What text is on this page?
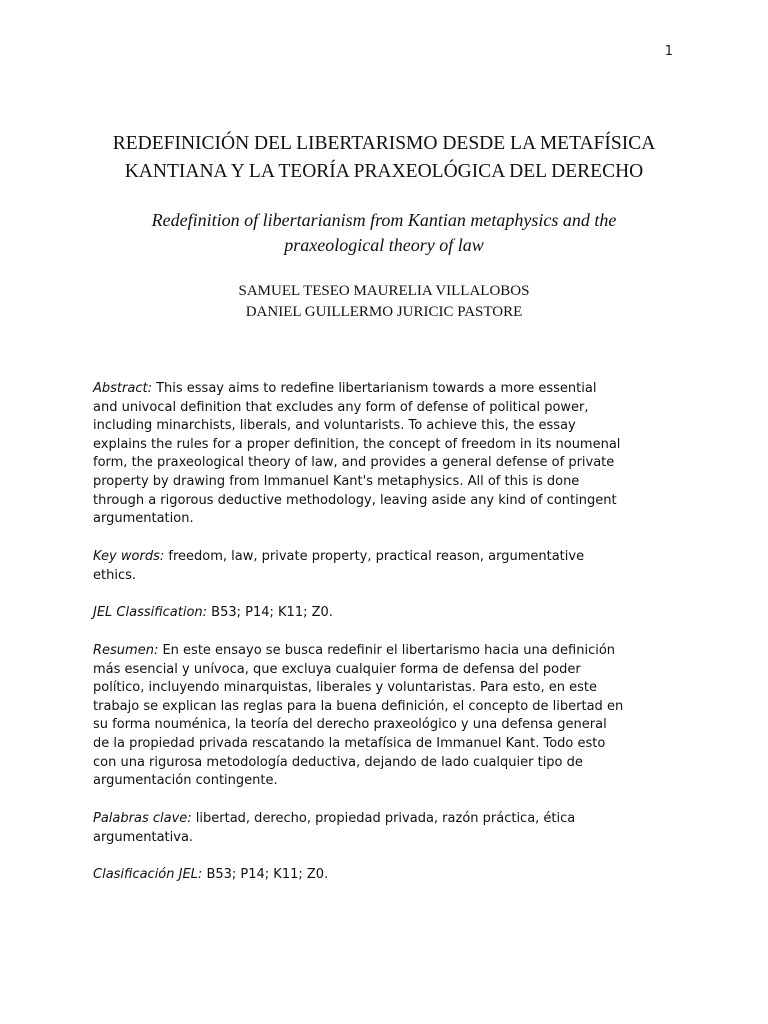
1
REDEFINICIÓN DEL LIBERTARISMO DESDE LA METAFÍSICA
KANTIANA Y LA TEORÍA PRAXEOLÓGICA DEL DERECHO
Redefinition of libertarianism from Kantian metaphysics and the
praxeological theory of law
SAMUEL TESEO MAURELIA VILLALOBOS
DANIEL GUILLERMO JURICIC PASTORE
Abstract: This essay aims to redefine libertarianism towards a more essential
and univocal definition that excludes any form of defense of political power,
including minarchists, liberals, and voluntarists. To achieve this, the essay
explains the rules for a proper definition, the concept of freedom in its noumenal
form, the praxeological theory of law, and provides a general defense of private
property by drawing from Immanuel Kant's metaphysics. All of this is done
through a rigorous deductive methodology, leaving aside any kind of contingent
argumentation.
Key words: freedom, law, private property, practical reason, argumentative
ethics.
JEL Classification: B53; P14; K11; Z0.
Resumen: En este ensayo se busca redefinir el libertarismo hacia una definición
más esencial y unívoca, que excluya cualquier forma de defensa del poder
político, incluyendo minarquistas, liberales y voluntaristas. Para esto, en este
trabajo se explican las reglas para la buena definición, el concepto de libertad en
su forma nouménica, la teoría del derecho praxeológico y una defensa general
de la propiedad privada rescatando la metafísica de Immanuel Kant. Todo esto
con una rigurosa metodología deductiva, dejando de lado cualquier tipo de
argumentación contingente.
Palabras clave: libertad, derecho, propiedad privada, razón práctica, ética
argumentativa.
Clasificación JEL: B53; P14; K11; Z0.
